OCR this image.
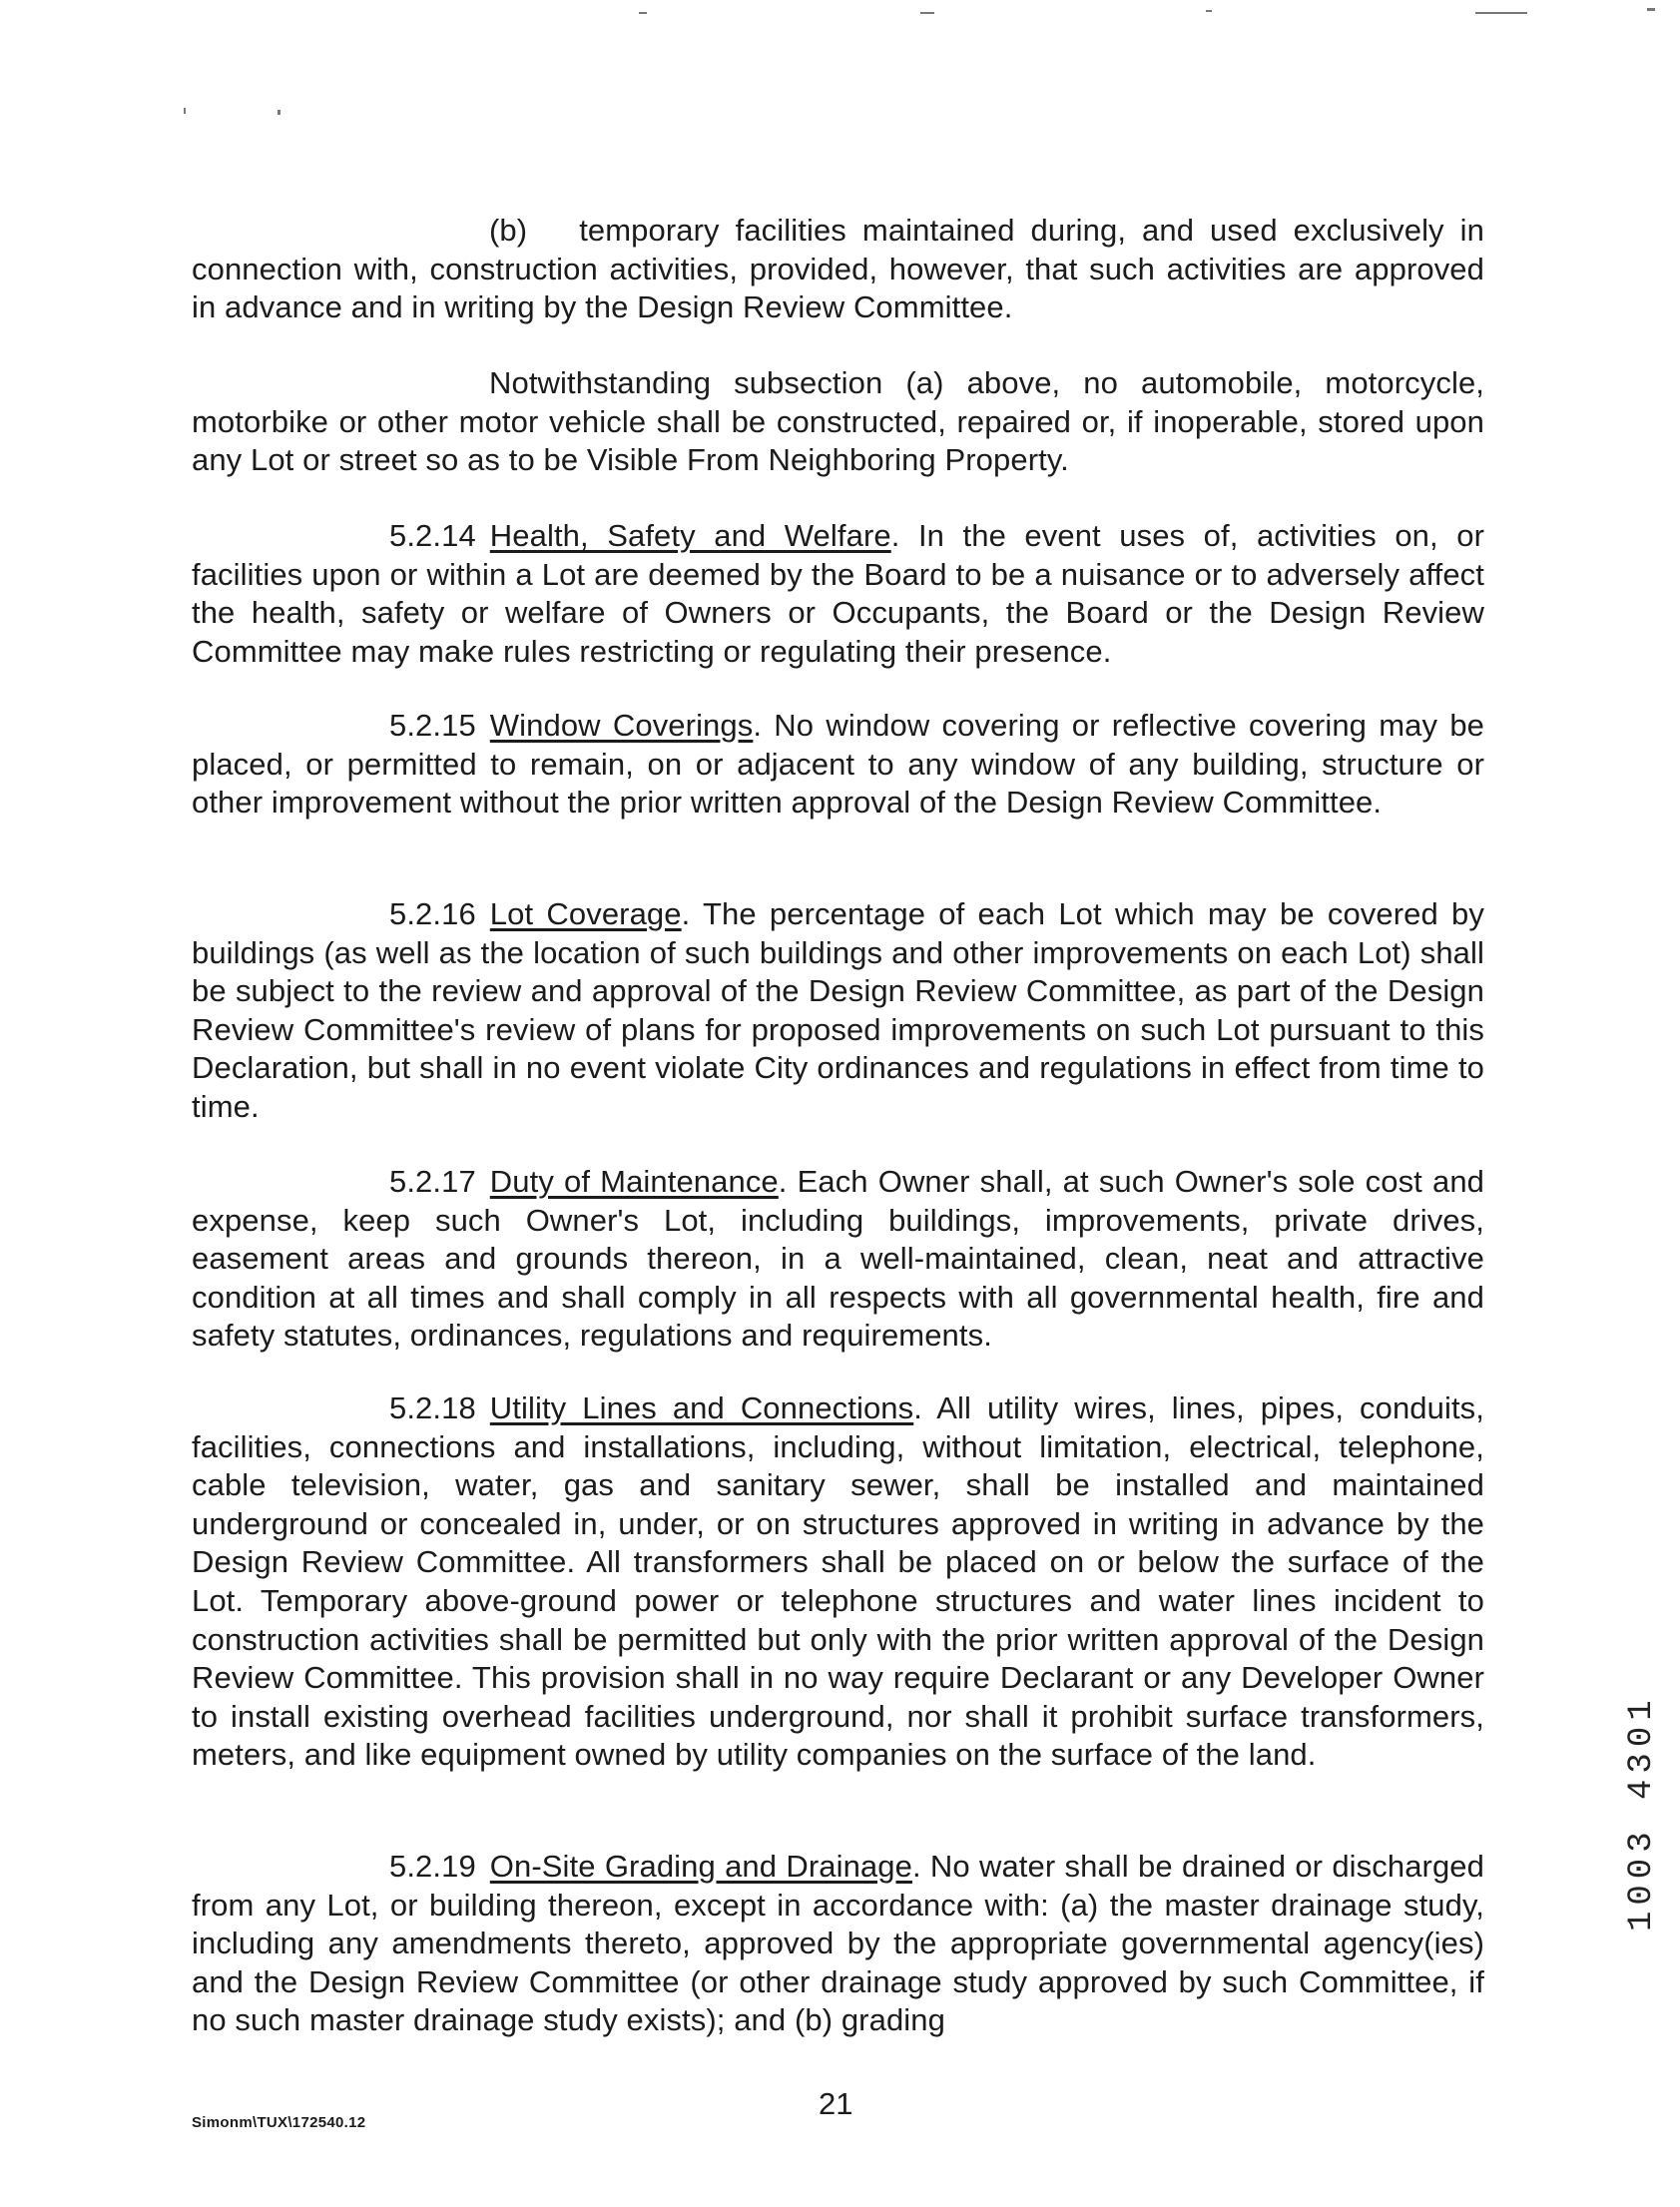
(b) temporary facilities maintained during, and used exclusively in connection with, construction activities, provided, however, that such activities are approved in advance and in writing by the Design Review Committee.

Notwithstanding subsection (a) above, no automobile, motorcycle, motorbike or other motor vehicle shall be constructed, repaired or, if inoperable, stored upon any Lot or street so as to be Visible From Neighboring Property.

5.2.14 Health, Safety and Welfare. In the event uses of, activities on, or facilities upon or within a Lot are deemed by the Board to be a nuisance or to adversely affect the health, safety or welfare of Owners or Occupants, the Board or the Design Review Committee may make rules restricting or regulating their presence.

5.2.15 Window Coverings. No window covering or reflective covering may be placed, or permitted to remain, on or adjacent to any window of any building, structure or other improvement without the prior written approval of the Design Review Committee.

5.2.16 Lot Coverage. The percentage of each Lot which may be covered by buildings (as well as the location of such buildings and other improvements on each Lot) shall be subject to the review and approval of the Design Review Committee, as part of the Design Review Committee's review of plans for proposed improvements on such Lot pursuant to this Declaration, but shall in no event violate City ordinances and regulations in effect from time to time.

5.2.17 Duty of Maintenance. Each Owner shall, at such Owner's sole cost and expense, keep such Owner's Lot, including buildings, improvements, private drives, easement areas and grounds thereon, in a well-maintained, clean, neat and attractive condition at all times and shall comply in all respects with all governmental health, fire and safety statutes, ordinances, regulations and requirements.

5.2.18 Utility Lines and Connections. All utility wires, lines, pipes, conduits, facilities, connections and installations, including, without limitation, electrical, telephone, cable television, water, gas and sanitary sewer, shall be installed and maintained underground or concealed in, under, or on structures approved in writing in advance by the Design Review Committee. All transformers shall be placed on or below the surface of the Lot. Temporary above-ground power or telephone structures and water lines incident to construction activities shall be permitted but only with the prior written approval of the Design Review Committee. This provision shall in no way require Declarant or any Developer Owner to install existing overhead facilities underground, nor shall it prohibit surface transformers, meters, and like equipment owned by utility companies on the surface of the land.

5.2.19 On-Site Grading and Drainage. No water shall be drained or discharged from any Lot, or building thereon, except in accordance with: (a) the master drainage study, including any amendments thereto, approved by the appropriate governmental agency(ies) and the Design Review Committee (or other drainage study approved by such Committee, if no such master drainage study exists); and (b) grading

1003 4301
Simonm\TUX\172540.12
21
